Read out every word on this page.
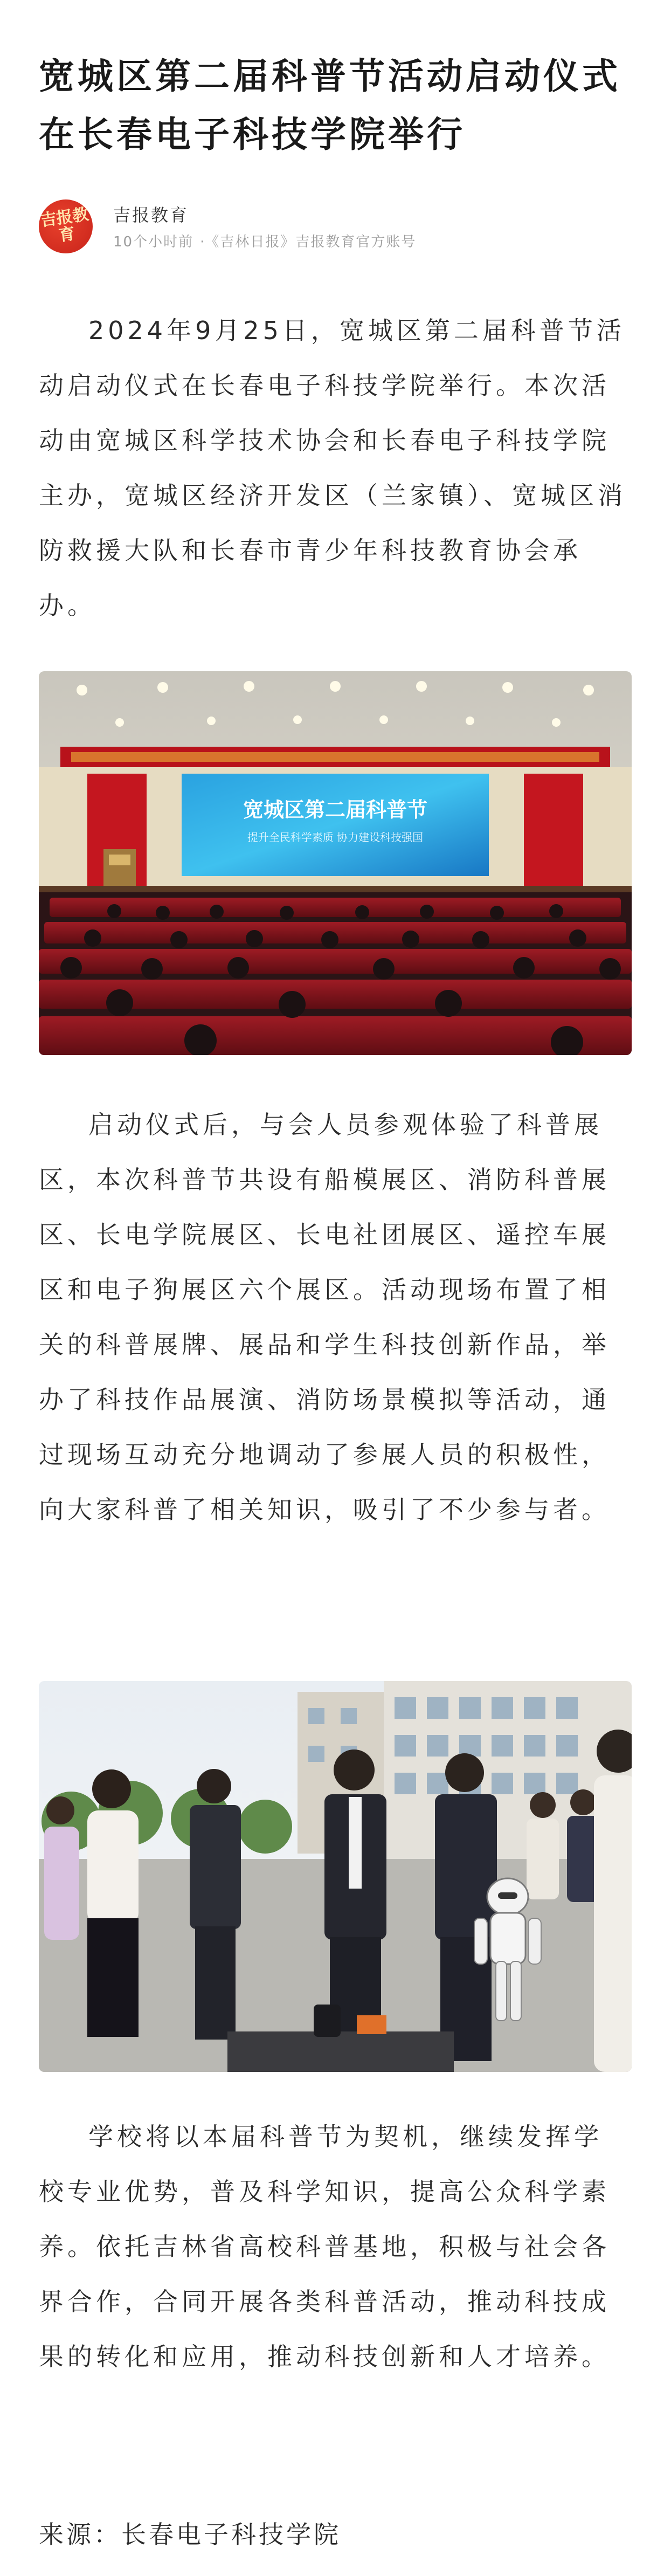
宽城区第二届科普节活动启动仪式在长春电子科技学院举行
吉报教育
吉报教育
10个小时前 · 《吉林日报》吉报教育官方账号

2024年9月25日，宽城区第二届科普节活动启动仪式在长春电子科技学院举行。本次活动由宽城区科学技术协会和长春电子科技学院主办，宽城区经济开发区（兰家镇）、宽城区消防救援大队和长春市青少年科技教育协会承办。

宽城区第二届科普节
提升全民科学素质 协力建设科技强国

启动仪式后，与会人员参观体验了科普展区，本次科普节共设有船模展区、消防科普展区、长电学院展区、长电社团展区、遥控车展区和电子狗展区六个展区。活动现场布置了相关的科普展牌、展品和学生科技创新作品，举办了科技作品展演、消防场景模拟等活动，通过现场互动充分地调动了参展人员的积极性，向大家科普了相关知识，吸引了不少参与者。

学校将以本届科普节为契机，继续发挥学校专业优势，普及科学知识，提高公众科学素养。依托吉林省高校科普基地，积极与社会各界合作，合同开展各类科普活动，推动科技成果的转化和应用，推动科技创新和人才培养。

来源：长春电子科技学院
